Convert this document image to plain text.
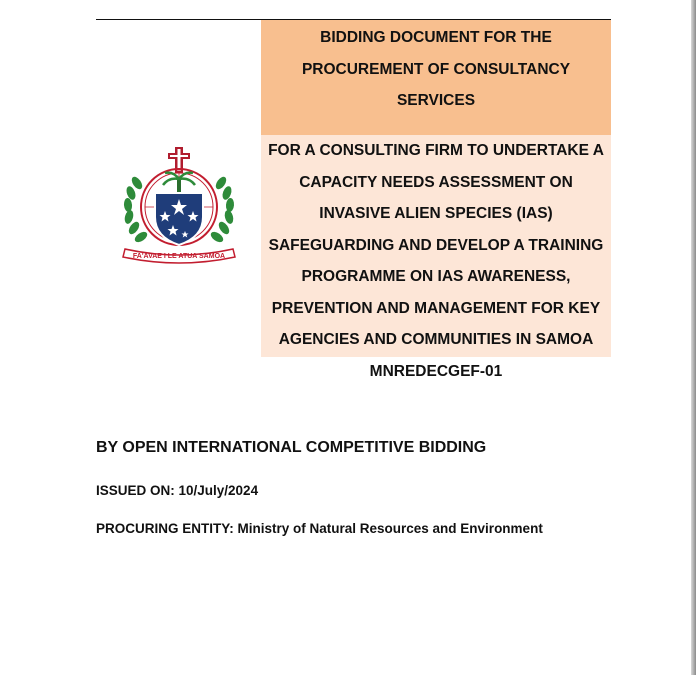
BIDDING DOCUMENT FOR THE
PROCUREMENT OF CONSULTANCY
SERVICES
FOR A CONSULTING FIRM TO UNDERTAKE A
CAPACITY NEEDS ASSESSMENT ON
INVASIVE ALIEN SPECIES (IAS)
SAFEGUARDING AND DEVELOP A TRAINING
PROGRAMME ON IAS AWARENESS,
PREVENTION AND MANAGEMENT FOR KEY
AGENCIES AND COMMUNITIES IN SAMOA
MNREDECGEF-01
FA'AVAE I LE ATUA SAMOA
BY OPEN INTERNATIONAL COMPETITIVE BIDDING
ISSUED ON: 10/July/2024
PROCURING ENTITY: Ministry of Natural Resources and Environment
